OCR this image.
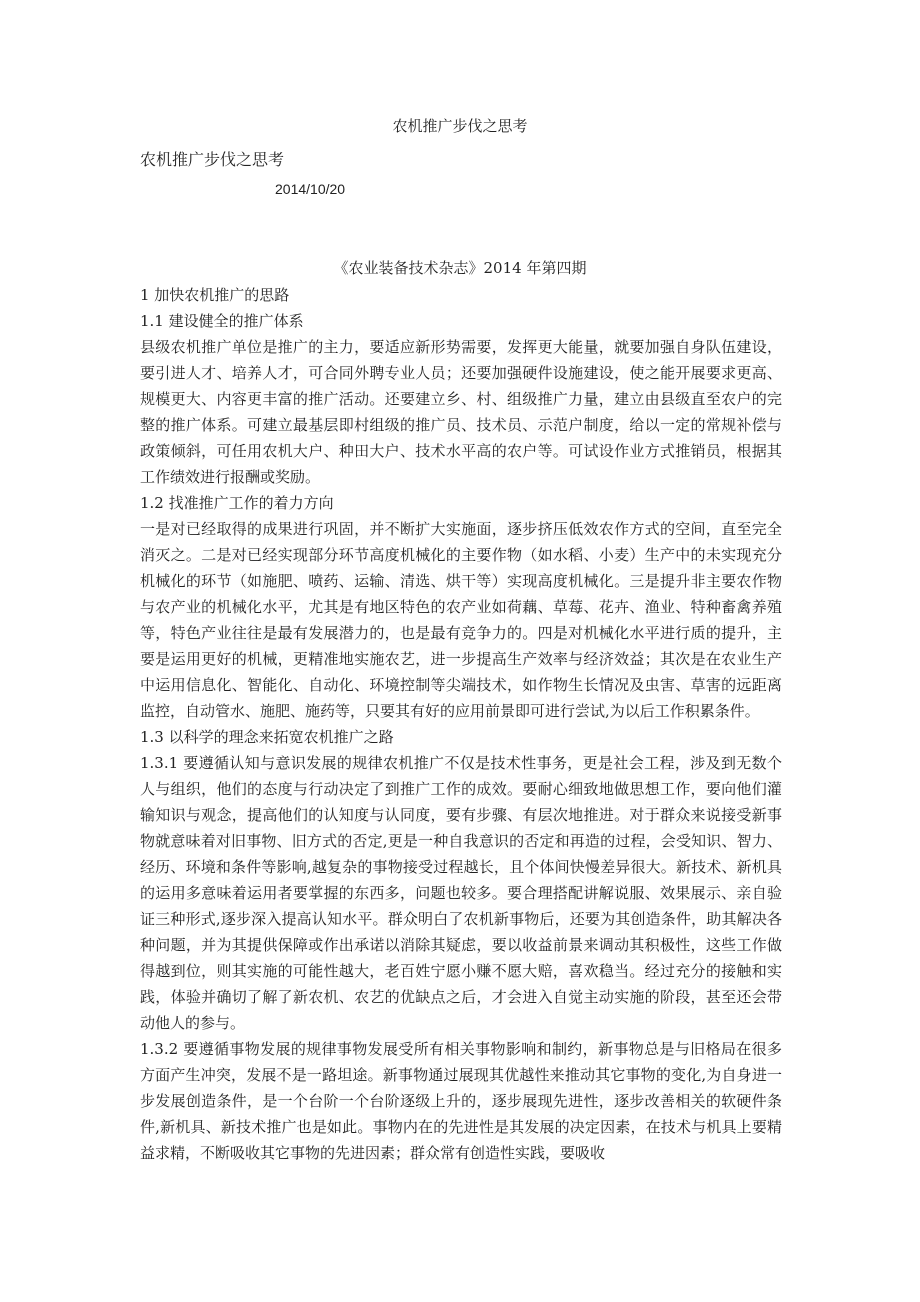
农机推广步伐之思考
农机推广步伐之思考
2014/10/20
《农业装备技术杂志》2014 年第四期

1 加快农机推广的思路

1.1 建设健全的推广体系

县级农机推广单位是推广的主力，要适应新形势需要，发挥更大能量，就要加强自身队伍建设，要引进人才、培养人才，可合同外聘专业人员；还要加强硬件设施建设，使之能开展要求更高、规模更大、内容更丰富的推广活动。还要建立乡、村、组级推广力量，建立由县级直至农户的完整的推广体系。可建立最基层即村组级的推广员、技术员、示范户制度，给以一定的常规补偿与政策倾斜，可任用农机大户、种田大户、技术水平高的农户等。可试设作业方式推销员，根据其工作绩效进行报酬或奖励。

1.2 找准推广工作的着力方向

一是对已经取得的成果进行巩固，并不断扩大实施面，逐步挤压低效农作方式的空间，直至完全消灭之。二是对已经实现部分环节高度机械化的主要作物（如水稻、小麦）生产中的未实现充分机械化的环节（如施肥、喷药、运输、清选、烘干等）实现高度机械化。三是提升非主要农作物与农产业的机械化水平，尤其是有地区特色的农产业如荷藕、草莓、花卉、渔业、特种畜禽养殖等，特色产业往往是最有发展潜力的，也是最有竞争力的。四是对机械化水平进行质的提升，主要是运用更好的机械，更精准地实施农艺，进一步提高生产效率与经济效益；其次是在农业生产中运用信息化、智能化、自动化、环境控制等尖端技术，如作物生长情况及虫害、草害的远距离监控，自动管水、施肥、施药等，只要其有好的应用前景即可进行尝试,为以后工作积累条件。

1.3 以科学的理念来拓宽农机推广之路

1.3.1 要遵循认知与意识发展的规律农机推广不仅是技术性事务，更是社会工程，涉及到无数个人与组织，他们的态度与行动决定了到推广工作的成效。要耐心细致地做思想工作，要向他们灌输知识与观念，提高他们的认知度与认同度，要有步骤、有层次地推进。对于群众来说接受新事物就意味着对旧事物、旧方式的否定,更是一种自我意识的否定和再造的过程，会受知识、智力、经历、环境和条件等影响,越复杂的事物接受过程越长，且个体间快慢差异很大。新技术、新机具的运用多意味着运用者要掌握的东西多，问题也较多。要合理搭配讲解说服、效果展示、亲自验证三种形式,逐步深入提高认知水平。群众明白了农机新事物后，还要为其创造条件，助其解决各种问题，并为其提供保障或作出承诺以消除其疑虑，要以收益前景来调动其积极性，这些工作做得越到位，则其实施的可能性越大，老百姓宁愿小赚不愿大赔，喜欢稳当。经过充分的接触和实践，体验并确切了解了新农机、农艺的优缺点之后，才会进入自觉主动实施的阶段，甚至还会带动他人的参与。

1.3.2 要遵循事物发展的规律事物发展受所有相关事物影响和制约，新事物总是与旧格局在很多方面产生冲突，发展不是一路坦途。新事物通过展现其优越性来推动其它事物的变化,为自身进一步发展创造条件，是一个台阶一个台阶逐级上升的，逐步展现先进性，逐步改善相关的软硬件条件,新机具、新技术推广也是如此。事物内在的先进性是其发展的决定因素，在技术与机具上要精益求精，不断吸收其它事物的先进因素；群众常有创造性实践，要吸收
